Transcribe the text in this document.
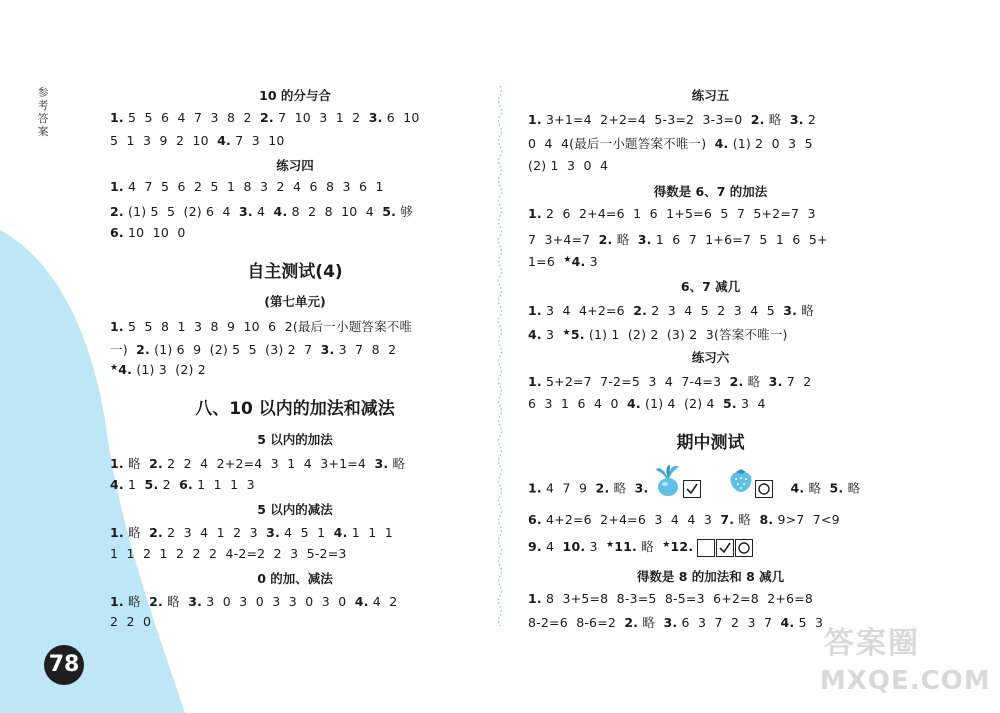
参考答案
78
10 的分与合
1. 5  5  6  4  7  3  8  2  2. 7  10  3  1  2  3. 6  10
5  1  3  9  2  10  4. 7  3  10
练习四
1. 4  7  5  6  2  5  1  8  3  2  4  6  8  3  6  1
2. (1) 5  5  (2) 6  4  3. 4  4. 8  2  8  10  4  5. 够
6. 10  10  0
自主测试(4)
(第七单元)
1. 5  5  8  1  3  8  9  10  6  2(最后一小题答案不唯
一)  2. (1) 6  9  (2) 5  5  (3) 2  7  3. 3  7  8  2
★4. (1) 3  (2) 2
八、10 以内的加法和减法
5 以内的加法
1. 略  2. 2  2  4  2+2=4  3  1  4  3+1=4  3. 略
4. 1  5. 2  6. 1  1  1  3
5 以内的减法
1. 略  2. 2  3  4  1  2  3  3. 4  5  1  4. 1  1  1
1  1  2  1  2  2  2  4-2=2  2  3  5-2=3
0 的加、减法
1. 略  2. 略  3. 3  0  3  0  3  3  0  3  0  4. 4  2
2  2  0
练习五
1. 3+1=4  2+2=4  5-3=2  3-3=0  2. 略  3. 2
0  4  4(最后一小题答案不唯一)  4. (1) 2  0  3  5
(2) 1  3  0  4
得数是 6、7 的加法
1. 2  6  2+4=6  1  6  1+5=6  5  7  5+2=7  3
7  3+4=7  2. 略  3. 1  6  7  1+6=7  5  1  6  5+
1=6  ★4. 3
6、7 减几
1. 3  4  4+2=6  2. 2  3  4  5  2  3  4  5  3. 略
4. 3  ★5. (1) 1  (2) 2  (3) 2  3(答案不唯一)
练习六
1. 5+2=7  7-2=5  3  4  7-4=3  2. 略  3. 7  2
6  3  1  6  4  0  4. (1) 4  (2) 4  5. 3  4
期中测试
1. 4  7  9  2. 略  3.
	4. 略  5. 略
6. 4+2=6  2+4=6  3  4  4  3  7. 略  8. 9>7  7<9
9. 4  10. 3  ★11. 略  ★12.
得数是 8 的加法和 8 减几
1. 8  3+5=8  8-3=5  8-5=3  6+2=8  2+6=8
8-2=6  8-6=2  2. 略  3. 6  3  7  2  3  7  4. 5  3
答案圈
MXQE.COM
